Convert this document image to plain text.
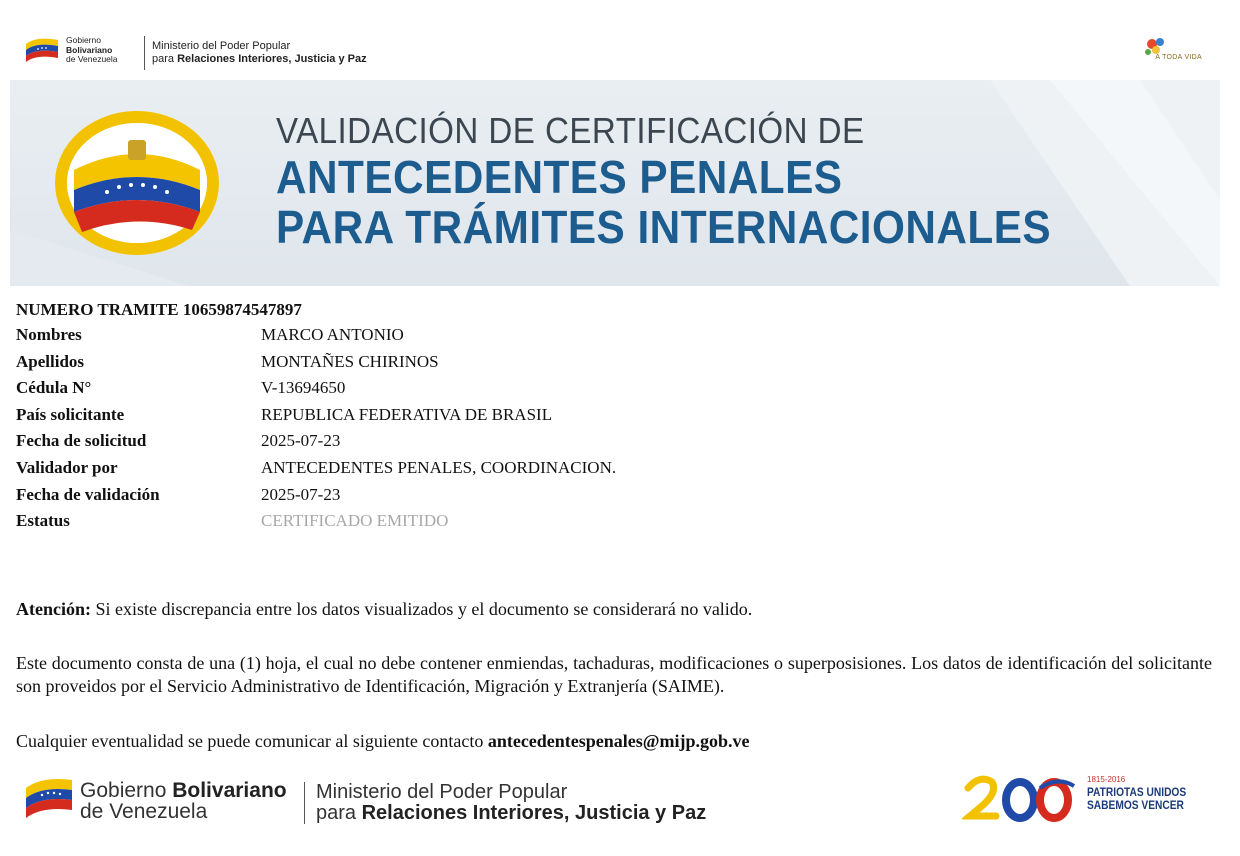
Gobierno
Bolivariano
de Venezuela
Ministerio del Poder Popular
para Relaciones Interiores, Justicia y Paz	A TODA VIDA
VALIDACIÓN DE CERTIFICACIÓN DE
ANTECEDENTES PENALES
PARA TRÁMITES INTERNACIONALES
NUMERO TRAMITE 10659874547897
Nombres	MARCO ANTONIO
Apellidos	MONTAÑES CHIRINOS
Cédula N°	V-13694650
País solicitante	REPUBLICA FEDERATIVA DE BRASIL
Fecha de solicitud	2025-07-23
Validador por	ANTECEDENTES PENALES, COORDINACION.
Fecha de validación	2025-07-23
Estatus	CERTIFICADO EMITIDO

Atención: Si existe discrepancia entre los datos visualizados y el documento se considerará no valido.

Este documento consta de una (1) hoja, el cual no debe contener enmiendas, tachaduras, modificaciones o superposisiones. Los datos de identificación del solicitante son proveidos por el Servicio Administrativo de Identificación, Migración y Extranjería (SAIME).

Cualquier eventualidad se puede comunicar al siguiente contacto antecedentespenales@mijp.gob.ve

Gobierno Bolivariano
de Venezuela
Ministerio del Poder Popular
para Relaciones Interiores, Justicia y Paz
1815-2016
PATRIOTAS UNIDOS
SABEMOS VENCER
